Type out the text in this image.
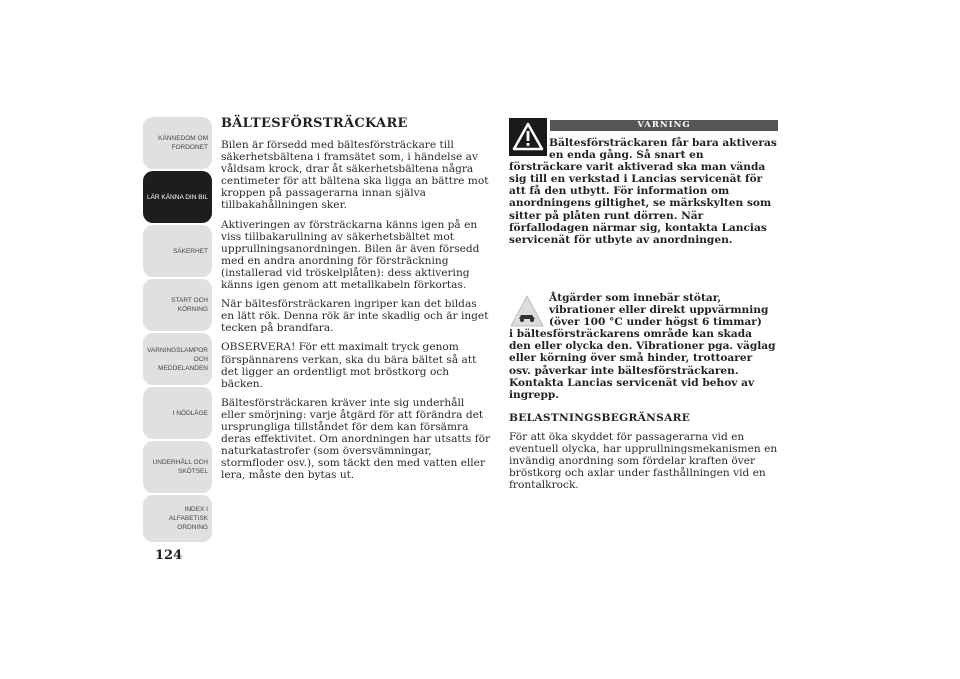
KÄNNEDOM OM FORDONET
LÄR KÄNNA DIN BIL
SÄKERHET
START OCH KÖRNING
VARNINGSLAMPOR OCH MEDDELANDEN
I NÖDLÄGE
UNDERHÅLL OCH SKÖTSEL
INDEX I ALFABETISK ORDNING
124
BÄLTESFÖRSTRÄCKARE

Bilen är försedd med bältesförsträckare till säkerhetsbältena i framsätet som, i händelse av våldsam krock, drar åt säkerhetsbältena några centimeter för att bältena ska ligga an bättre mot kroppen på passagerarna innan själva tillbakahållningen sker.

Aktiveringen av försträckarna känns igen på en viss tillbakarullning av säkerhetsbältet mot upprullningsanordningen. Bilen är även försedd med en andra anordning för försträckning (installerad vid tröskelplåten): dess aktivering känns igen genom att metallkabeln förkortas.

När bältesförsträckaren ingriper kan det bildas en lätt rök. Denna rök är inte skadlig och är inget tecken på brandfara.

OBSERVERA! För ett maximalt tryck genom förspännarens verkan, ska du bära bältet så att det ligger an ordentligt mot bröstkorg och bäcken.

Bältesförsträckaren kräver inte sig underhåll eller smörjning: varje åtgärd för att förändra det ursprungliga tillståndet för dem kan försämra deras effektivitet. Om anordningen har utsatts för naturkatastrofer (som översvämningar, stormfloder osv.), som täckt den med vatten eller lera, måste den bytas ut.

VARNING
Bältesförsträckaren får bara aktiveras en enda gång. Så snart en
försträckare varit aktiverad ska man vända sig till en verkstad i Lancias servicenät för att få den utbytt. För information om anordningens giltighet, se märkskylten som sitter på plåten runt dörren. När förfallodagen närmar sig, kontakta Lancias servicenät för utbyte av anordningen.
Åtgärder som innebär stötar, vibrationer eller direkt uppvärmning (över 100 °C under högst 6 timmar)
i bältesförsträckarens område kan skada den eller olycka den. Vibrationer pga. väglag eller körning över små hinder, trottoarer osv. påverkar inte bältesförsträckaren. Kontakta Lancias servicenät vid behov av ingrepp.
BELASTNINGSBEGRÄNSARE
För att öka skyddet för passagerarna vid en eventuell olycka, har upprullningsmekanismen en invändig anordning som fördelar kraften över bröstkorg och axlar under fasthållningen vid en frontalkrock.
